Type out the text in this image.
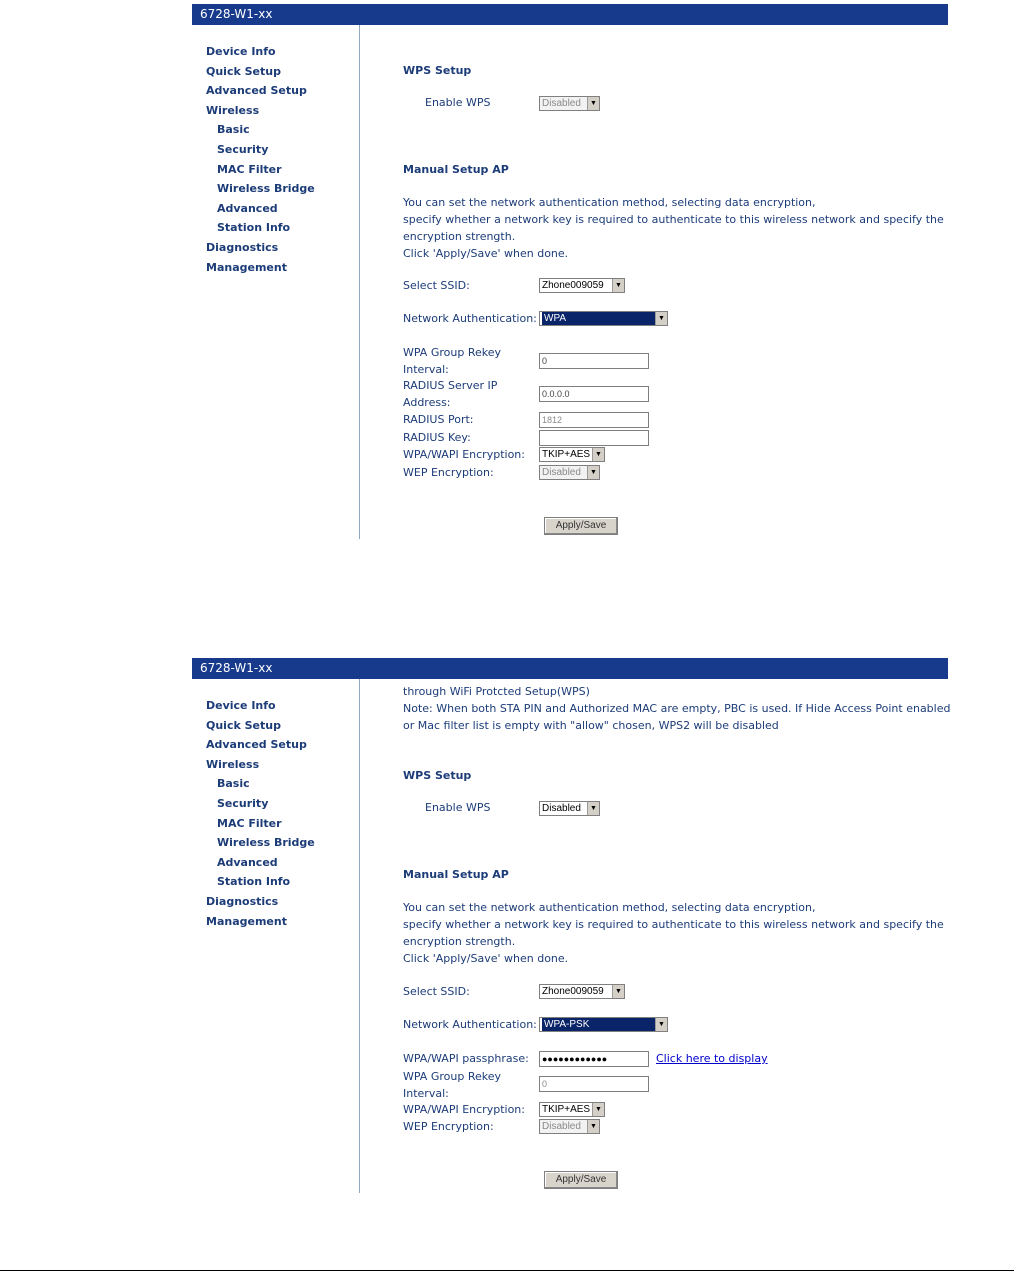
6728-W1-xx
Device Info
Quick Setup
Advanced Setup
Wireless
Basic
Security
MAC Filter
Wireless Bridge
Advanced
Station Info
Diagnostics
Management
WPS Setup
Enable WPS	Disabled	▼
Manual Setup AP
You can set the network authentication method, selecting data encryption,
specify whether a network key is required to authenticate to this wireless network and specify the
encryption strength.
Click 'Apply/Save' when done.
Select SSID:	Zhone009059	▼
Network Authentication: WPA	▼
WPA Group Rekey
Interval:
0
RADIUS Server IP
Address:
0.0.0.0
RADIUS Port:	1812
RADIUS Key:
WPA/WAPI Encryption:	TKIP+AES ▼
WEP Encryption:	Disabled	▼
Apply/Save
6728-W1-xx
Device Info
Quick Setup
Advanced Setup
Wireless
Basic
Security
MAC Filter
Wireless Bridge
Advanced
Station Info
Diagnostics
Management
through WiFi Protcted Setup(WPS)
Note: When both STA PIN and Authorized MAC are empty, PBC is used. If Hide Access Point enabled
or Mac filter list is empty with "allow" chosen, WPS2 will be disabled
WPS Setup
Enable WPS	Disabled	▼
Manual Setup AP
You can set the network authentication method, selecting data encryption,
specify whether a network key is required to authenticate to this wireless network and specify the
encryption strength.
Click 'Apply/Save' when done.
Select SSID:	Zhone009059	▼
Network Authentication: WPA-PSK	▼
WPA/WAPI passphrase:	●●●●●●●●●●●●	Click here to display
WPA Group Rekey
Interval:
0
WPA/WAPI Encryption:	TKIP+AES ▼
WEP Encryption:	Disabled	▼
Apply/Save
